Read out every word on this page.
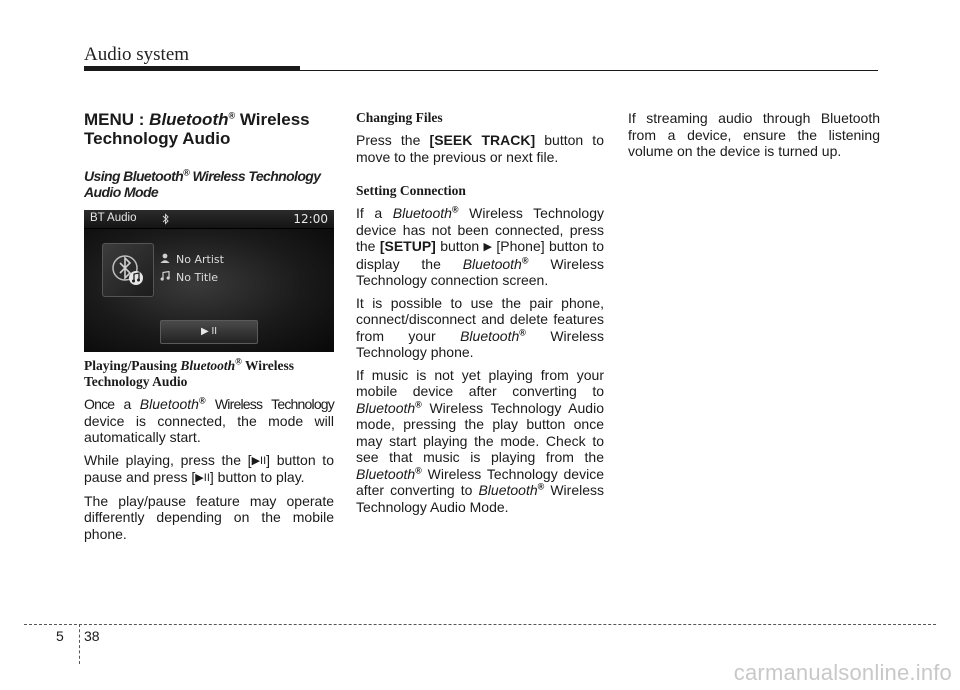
Audio system
MENU : Bluetooth® Wireless
Technology Audio
Using Bluetooth® Wireless Technology
Audio Mode
BT Audio	12:00
No Artist
No Title
▶ II
Playing/Pausing Bluetooth® Wireless
Technology Audio

Once a Bluetooth® Wireless Technology device is connected, the mode will automatically start.

While playing, press the [▶II] button to pause and press [▶II] button to play.

The play/pause feature may operate differently depending on the mobile phone.

Changing Files

Press the [SEEK TRACK] button to move to the previous or next file.

Setting Connection

If a Bluetooth® Wireless Technology device has not been connected, press the [SETUP] button ▶ [Phone] button to display the Bluetooth® Wireless Technology connection screen.

It is possible to use the pair phone, connect/disconnect and delete features from your Bluetooth® Wireless Technology phone.

If music is not yet playing from your mobile device after converting to Bluetooth® Wireless Technology Audio mode, pressing the play button once may start playing the mode. Check to see that music is playing from the Bluetooth® Wireless Technology device after converting to Bluetooth® Wireless Technology Audio Mode.

If streaming audio through Bluetooth from a device, ensure the listening volume on the device is turned up.

5 38
carmanualsonline.info
